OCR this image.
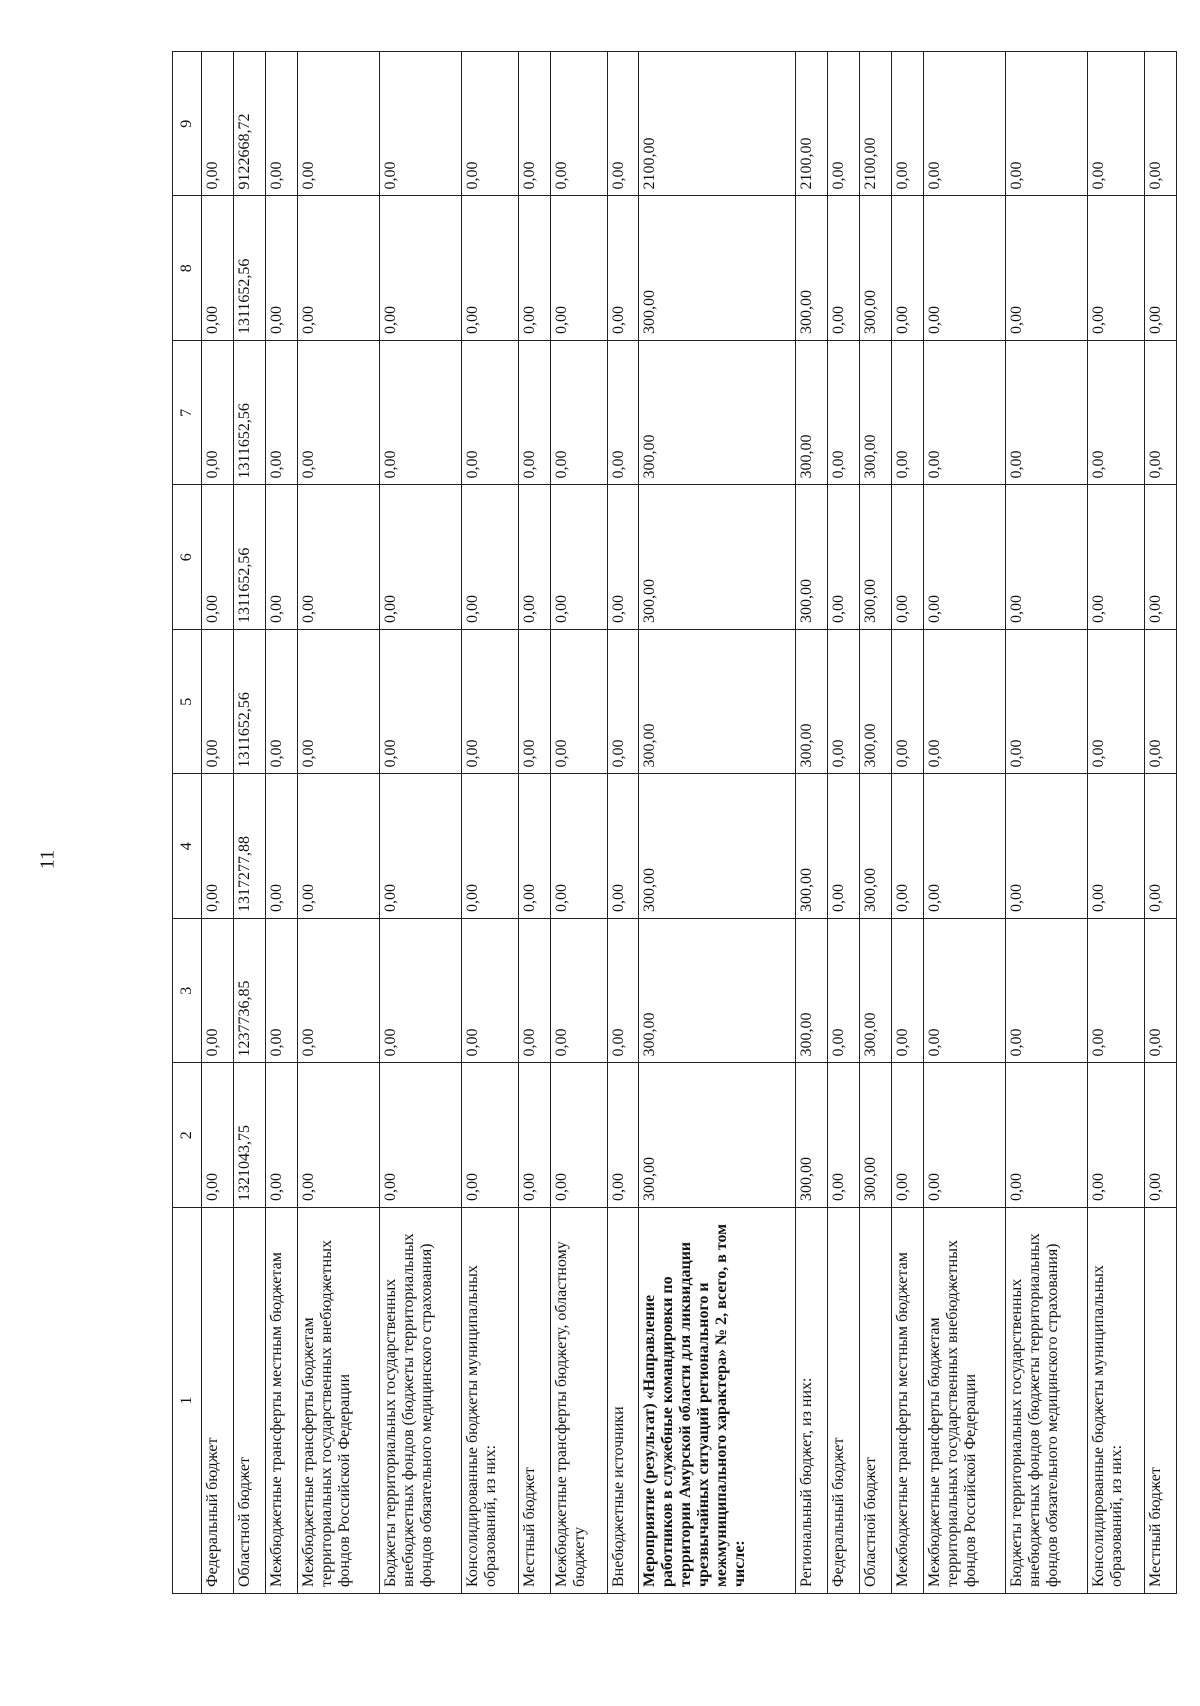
11
1	2	3	4	5	6	7	8	9
Федеральный бюджет	0,00	0,00	0,00	0,00	0,00	0,00	0,00	0,00
Областной бюджет	1321043,75	1237736,85	1317277,88	1311652,56	1311652,56	1311652,56	1311652,56	9122668,72
Межбюджетные трансферты местным бюджетам	0,00	0,00	0,00	0,00	0,00	0,00	0,00	0,00
Межбюджетные трансферты бюджетам территориальных государственных внебюджетных фондов Российской Федерации	0,00	0,00	0,00	0,00	0,00	0,00	0,00	0,00
Бюджеты территориальных государственных внебюджетных фондов (бюджеты территориальных фондов обязательного медицинского страхования)	0,00	0,00	0,00	0,00	0,00	0,00	0,00	0,00
Консолидированные бюджеты муниципальных образований, из них:	0,00	0,00	0,00	0,00	0,00	0,00	0,00	0,00
Местный бюджет	0,00	0,00	0,00	0,00	0,00	0,00	0,00	0,00
Межбюджетные трансферты бюджету, областному бюджету	0,00	0,00	0,00	0,00	0,00	0,00	0,00	0,00
Внебюджетные источники	0,00	0,00	0,00	0,00	0,00	0,00	0,00	0,00
Мероприятие (результат) «Направление работников в служебные командировки по территории Амурской области для ликвидации чрезвычайных ситуаций регионального и межмуниципального характера» № 2, всего, в том числе:	300,00	300,00	300,00	300,00	300,00	300,00	300,00	2100,00
Региональный бюджет, из них:	300,00	300,00	300,00	300,00	300,00	300,00	300,00	2100,00
Федеральный бюджет	0,00	0,00	0,00	0,00	0,00	0,00	0,00	0,00
Областной бюджет	300,00	300,00	300,00	300,00	300,00	300,00	300,00	2100,00
Межбюджетные трансферты местным бюджетам	0,00	0,00	0,00	0,00	0,00	0,00	0,00	0,00
Межбюджетные трансферты бюджетам территориальных государственных внебюджетных фондов Российской Федерации	0,00	0,00	0,00	0,00	0,00	0,00	0,00	0,00
Бюджеты территориальных государственных внебюджетных фондов (бюджеты территориальных фондов обязательного медицинского страхования)	0,00	0,00	0,00	0,00	0,00	0,00	0,00	0,00
Консолидированные бюджеты муниципальных образований, из них:	0,00	0,00	0,00	0,00	0,00	0,00	0,00	0,00
Местный бюджет	0,00	0,00	0,00	0,00	0,00	0,00	0,00	0,00
